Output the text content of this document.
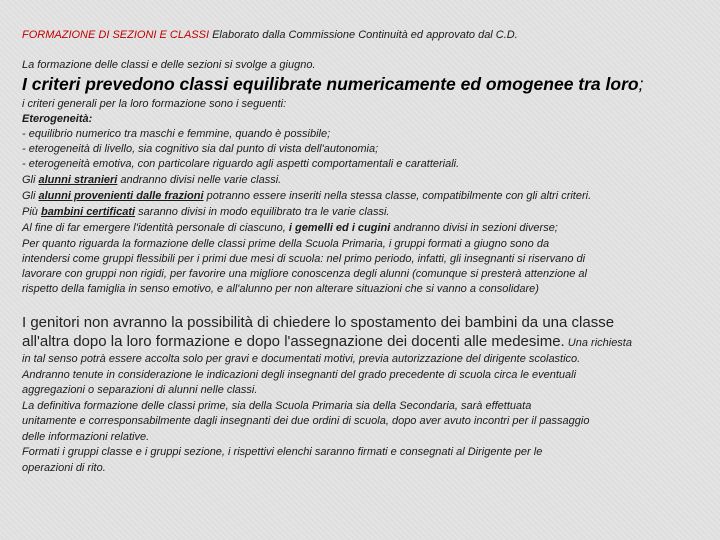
FORMAZIONE DI SEZIONI E CLASSI Elaborato dalla Commissione Continuità ed approvato dal C.D.
La formazione delle classi e delle sezioni si svolge a giugno.
I criteri prevedono classi equilibrate numericamente ed omogenee tra loro;
i criteri generali per la loro formazione sono i seguenti:
Eterogeneità:
- equilibrio numerico tra maschi e femmine, quando è possibile;
- eterogeneità di livello, sia cognitivo sia dal punto di vista dell'autonomia;
- eterogeneità emotiva, con particolare riguardo agli aspetti comportamentali e caratteriali.
Gli alunni stranieri andranno divisi nelle varie classi.
Gli alunni provenienti dalle frazioni potranno essere inseriti nella stessa classe, compatibilmente con gli altri criteri.
Più bambini certificati saranno divisi in modo equilibrato tra le varie classi.
Al fine di far emergere l'identità personale di ciascuno, i gemelli ed i cugini andranno divisi in sezioni diverse;
Per quanto riguarda la formazione delle classi prime della Scuola Primaria, i gruppi formati a giugno sono da
intendersi come gruppi flessibili per i primi due mesi di scuola: nel primo periodo, infatti, gli insegnanti si riservano di
lavorare con gruppi non rigidi, per favorire una migliore conoscenza degli alunni (comunque si presterà attenzione al
rispetto della famiglia in senso emotivo, e all'alunno per non alterare situazioni che si vanno a consolidare)
I genitori non avranno la possibilità di chiedere lo spostamento dei bambini da una classe
all'altra dopo la loro formazione e dopo l'assegnazione dei docenti alle medesime. Una richiesta
in tal senso potrà essere accolta solo per gravi e documentati motivi, previa autorizzazione del dirigente scolastico.
Andranno tenute in considerazione le indicazioni degli insegnanti del grado precedente di scuola circa le eventuali
aggregazioni o separazioni di alunni nelle classi.
La definitiva formazione delle classi prime, sia della Scuola Primaria sia della Secondaria, sarà effettuata
unitamente e corresponsabilmente dagli insegnanti dei due ordini di scuola, dopo aver avuto incontri per il passaggio
delle informazioni relative.
Formati i gruppi classe e i gruppi sezione, i rispettivi elenchi saranno firmati e consegnati al Dirigente per le
operazioni di rito.
